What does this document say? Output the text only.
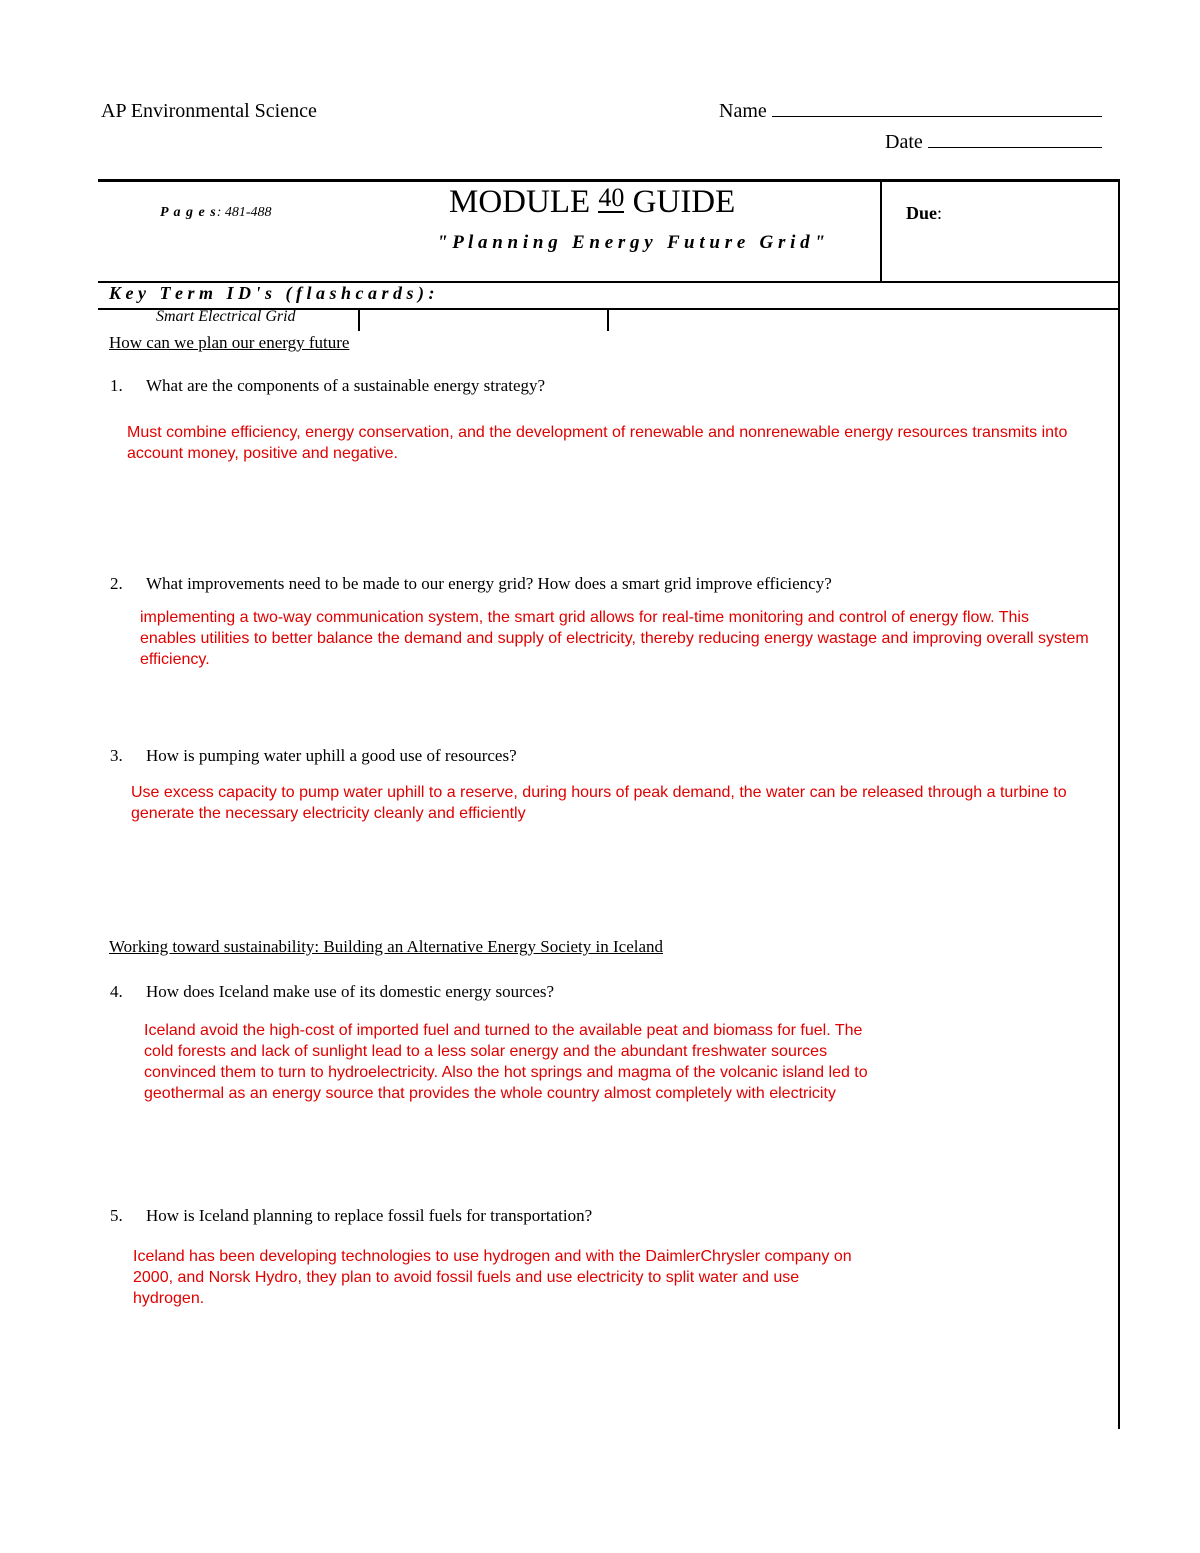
AP Environmental Science	Name
Date
P a g e s: 481-488	MODULE 40 GUIDE
" P l a n n i n g   E n e r g y   F u t u r e   G r i d "
Due:
K e y   T e r m   I D ' s   ( f l a s h c a r d s ) :
Smart Electrical Grid
How can we plan our energy future
1. What are the components of a sustainable energy strategy?
Must combine efficiency, energy conservation, and the development of renewable and nonrenewable energy resources transmits into
account money, positive and negative.
2. What improvements need to be made to our energy grid? How does a smart grid improve efficiency?
implementing a two-way communication system, the smart grid allows for real-time monitoring and control of energy flow. This
enables utilities to better balance the demand and supply of electricity, thereby reducing energy wastage and improving overall system
efficiency.
3. How is pumping water uphill a good use of resources?
Use excess capacity to pump water uphill to a reserve, during hours of peak demand, the water can be released through a turbine to
generate the necessary electricity cleanly and efficiently
Working toward sustainability: Building an Alternative Energy Society in Iceland
4. How does Iceland make use of its domestic energy sources?
Iceland avoid the high-cost of imported fuel and turned to the available peat and biomass for fuel. The
cold forests and lack of sunlight lead to a less solar energy and the abundant freshwater sources
convinced them to turn to hydroelectricity. Also the hot springs and magma of the volcanic island led to
geothermal as an energy source that provides the whole country almost completely with electricity
5. How is Iceland planning to replace fossil fuels for transportation?
Iceland has been developing technologies to use hydrogen and with the DaimlerChrysler company on
2000, and Norsk Hydro, they plan to avoid fossil fuels and use electricity to split water and use
hydrogen.
